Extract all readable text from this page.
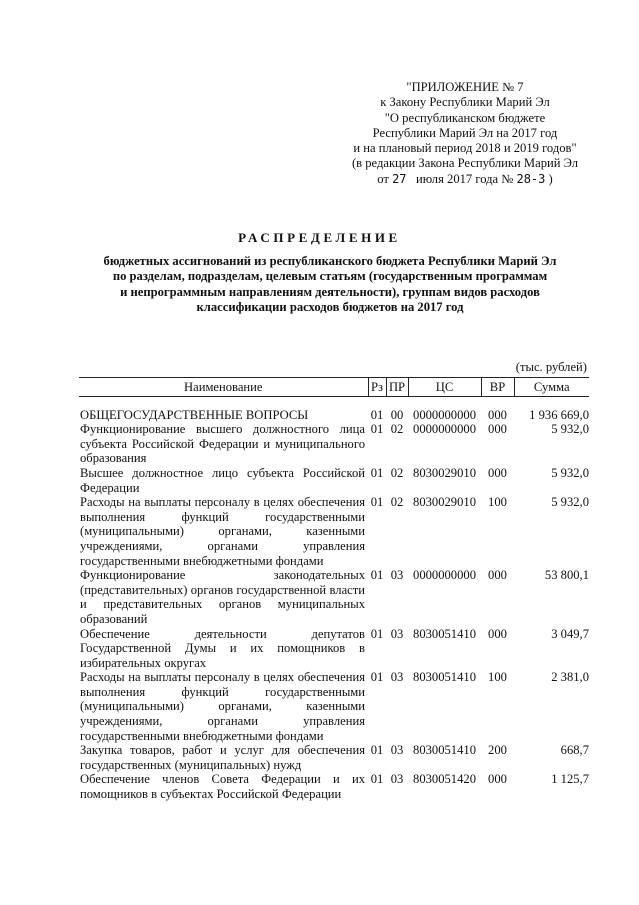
"ПРИЛОЖЕНИЕ № 7
к Закону Республики Марий Эл
"О республиканском бюджете
Республики Марий Эл на 2017 год
и на плановый период 2018 и 2019 годов"
(в редакции Закона Республики Марий Эл
от 27 июля 2017 года № 28-З )
РАСПРЕДЕЛЕНИЕ
бюджетных ассигнований из республиканского бюджета Республики Марий Эл
по разделам, подразделам, целевым статьям (государственным программам
и непрограммным направлениям деятельности), группам видов расходов
классификации расходов бюджетов на 2017 год
(тыс. рублей)
Наименование	Рз	ПР	ЦС	ВР	Сумма
ОБЩЕГОСУДАРСТВЕННЫЕ ВОПРОСЫ	01	00	0000000000	000	1 936 669,0
Функционирование высшего должностного лица субъекта Российской Федерации и муниципального образования	01	02	0000000000	000	5 932,0
Высшее должностное лицо субъекта Российской Федерации	01	02	8030029010	000	5 932,0
Расходы на выплаты персоналу в целях обеспечения выполнения функций государственными (муниципальными) органами, казенными учреждениями, органами управления государственными внебюджетными фондами	01	02	8030029010	100	5 932,0
Функционирование законодательных (представительных) органов государственной власти и представительных органов муниципальных образований	01	03	0000000000	000	53 800,1
Обеспечение деятельности депутатов Государственной Думы и их помощников в избирательных округах	01	03	8030051410	000	3 049,7
Расходы на выплаты персоналу в целях обеспечения выполнения функций государственными (муниципальными) органами, казенными учреждениями, органами управления государственными внебюджетными фондами	01	03	8030051410	100	2 381,0
Закупка товаров, работ и услуг для обеспечения государственных (муниципальных) нужд	01	03	8030051410	200	668,7
Обеспечение членов Совета Федерации и их помощников в субъектах Российской Федерации	01	03	8030051420	000	1 125,7
